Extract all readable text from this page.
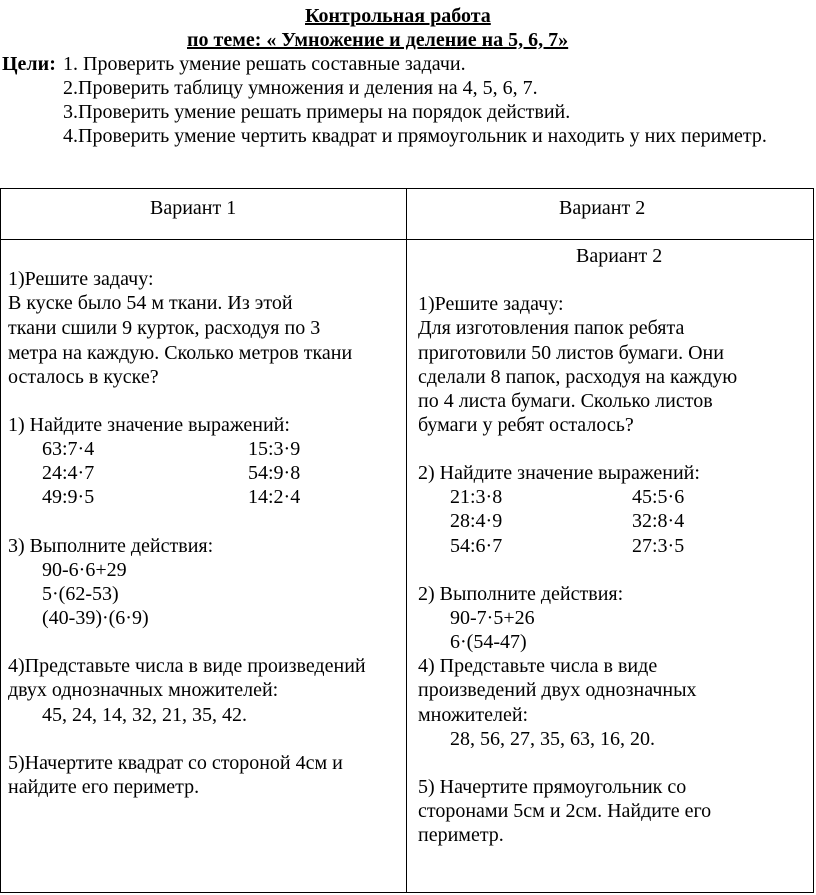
Контрольная работа
по теме: « Умножение и деление на 5, 6, 7»
Цели: 1. Проверить умение решать составные задачи.
2.Проверить таблицу умножения и деления на 4, 5, 6, 7.
3.Проверить умение решать примеры на порядок действий.
4.Проверить умение чертить квадрат и прямоугольник и находить у них периметр.
Вариант 1	Вариант 2
1)Решите задачу:
В куске было 54 м ткани. Из этой
ткани сшили 9 курток, расходуя по 3
метра на каждую. Сколько метров ткани
осталось в куске?
1) Найдите значение выражений:
63:7·4
24:4·7
49:9·5
15:3·9
54:9·8
14:2·4
3) Выполните действия:
90-6·6+29
5·(62-53)
(40-39)·(6·9)
4)Представьте числа в виде произведений
двух однозначных множителей:
45, 24, 14, 32, 21, 35, 42.
5)Начертите квадрат со стороной 4см и
найдите его периметр.
Вариант 2
1)Решите задачу:
Для изготовления папок ребята
приготовили 50 листов бумаги. Они
сделали 8 папок, расходуя на каждую
по 4 листа бумаги. Сколько листов
бумаги у ребят осталось?
2) Найдите значение выражений:
21:3·8
28:4·9
54:6·7
45:5·6
32:8·4
27:3·5
2) Выполните действия:
90-7·5+26
6·(54-47)
4) Представьте числа в виде
произведений двух однозначных
множителей:
28, 56, 27, 35, 63, 16, 20.
5) Начертите прямоугольник со
сторонами 5см и 2см. Найдите его
периметр.
